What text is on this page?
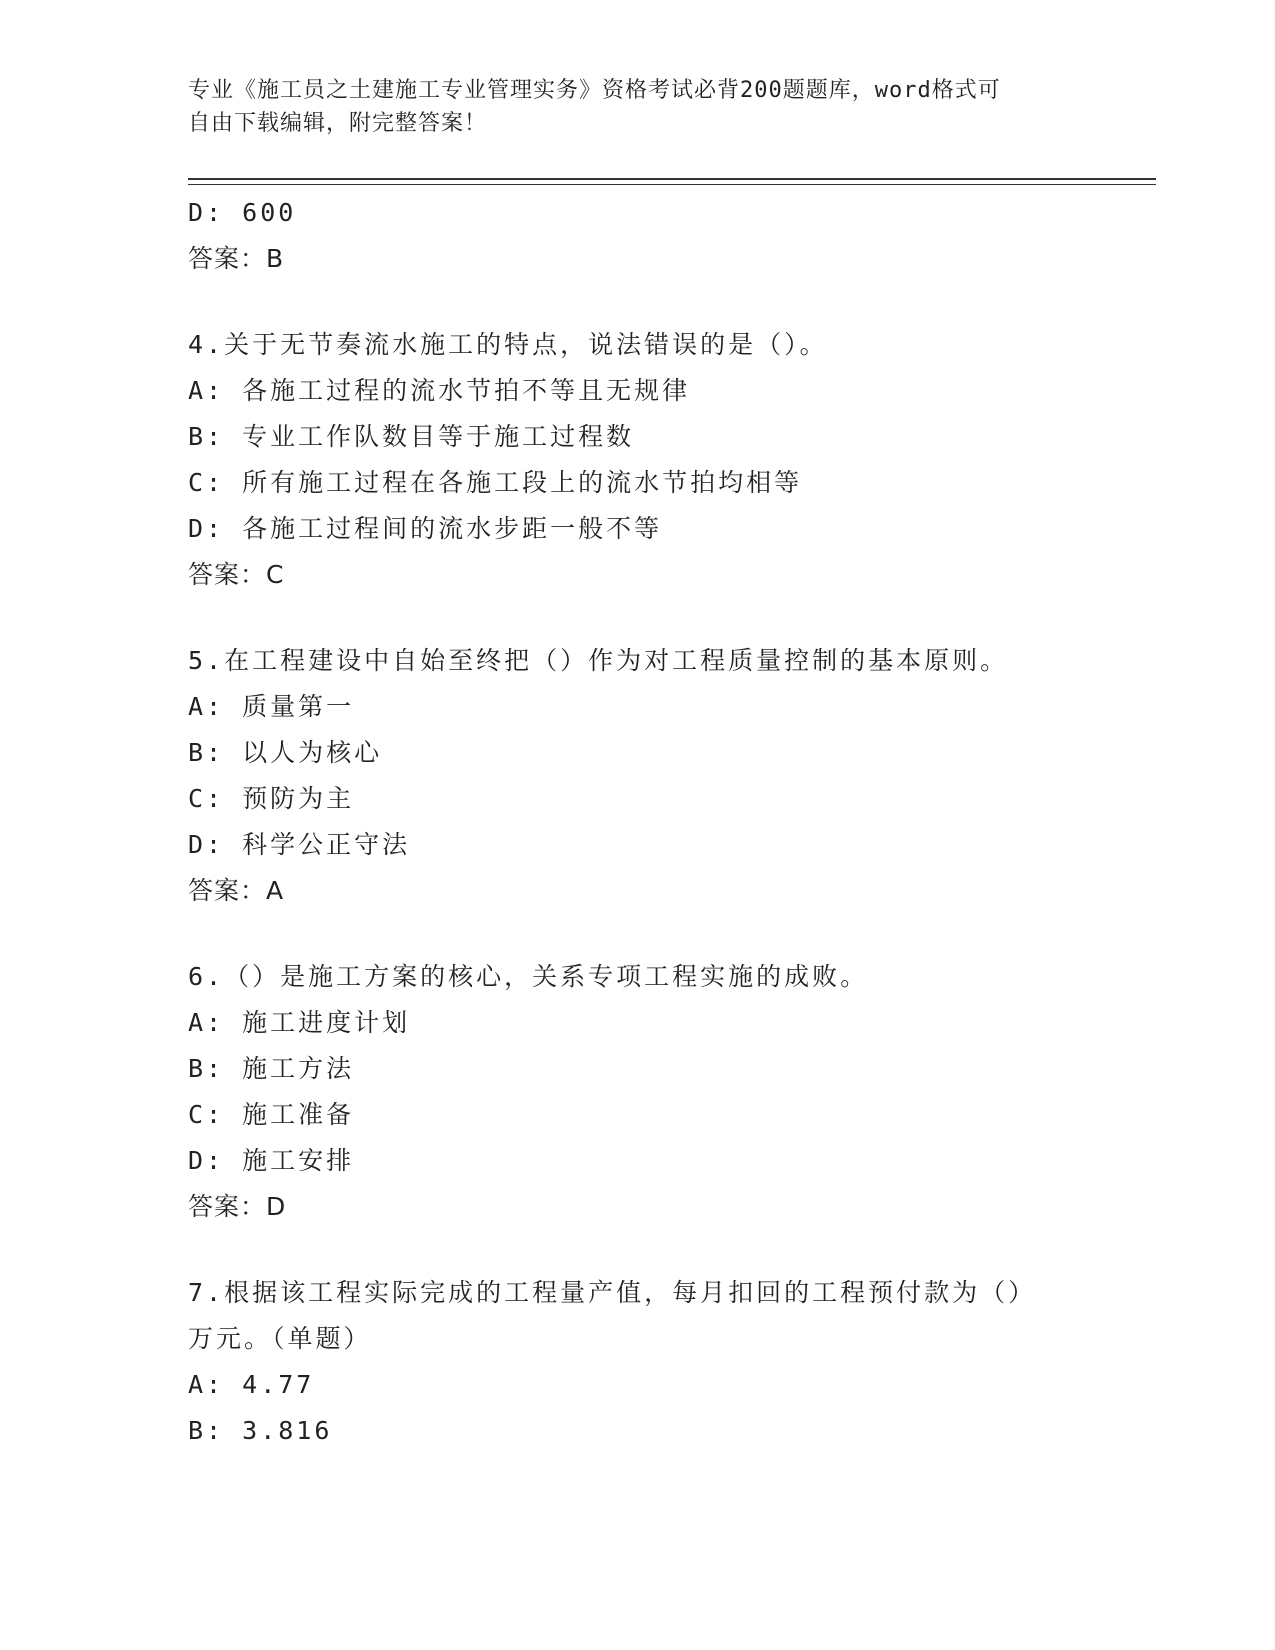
专业《施工员之土建施工专业管理实务》资格考试必背200题题库，word格式可
自由下载编辑，附完整答案！
D: 600
答案：B
4.关于无节奏流水施工的特点，说法错误的是（）。
A: 各施工过程的流水节拍不等且无规律
B: 专业工作队数目等于施工过程数
C: 所有施工过程在各施工段上的流水节拍均相等
D: 各施工过程间的流水步距一般不等
答案：C
5.在工程建设中自始至终把（）作为对工程质量控制的基本原则。
A: 质量第一
B: 以人为核心
C: 预防为主
D: 科学公正守法
答案：A
6.（）是施工方案的核心，关系专项工程实施的成败。
A: 施工进度计划
B: 施工方法
C: 施工准备
D: 施工安排
答案：D
7.根据该工程实际完成的工程量产值，每月扣回的工程预付款为（）
万元。（单题）
A: 4.77
B: 3.816
